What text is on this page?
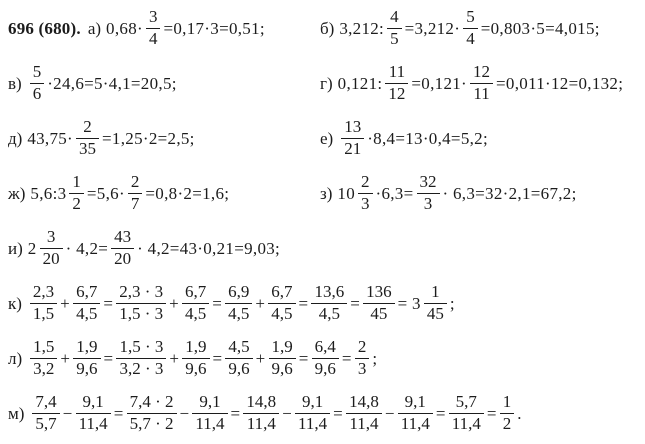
696 (680). а) $0,68\cdot \frac{3}{4} =0,17\cdot 3=0,51$;	б) 3,212: $\frac{4}{5} =3,212\cdot \frac{5}{4} =0,803\cdot 5=4,015$;
$в) \frac{5}{6} \cdot 24,6=5\cdot 4,1=20,5$;	г) 0,121: $\frac{11}{12} =0,121\cdot \frac{12}{11} =0,011\cdot 12=0,132$;
д) $43,75\cdot \frac{2}{35} =1,25\cdot 2=2,5$;	$е) \frac{13}{21} \cdot 8,4=13\cdot 0,4=5,2$;
ж) 5,6:3 $\frac{1}{2} =5,6\cdot \frac{2}{7} =0,8\cdot 2=1,6$;	з) $10 \frac{2}{3} \cdot 6,3= \frac{32}{3} \cdot 6,3=32\cdot 2,1=67,2$;
и) $2 \frac{3}{20} \cdot 4,2= \frac{43}{20} \cdot 4,2=43\cdot 0,21=9,03$;
$к) \frac{2,3}{1,5} + \frac{6,7}{4,5} = \frac{2,3 \cdot 3}{1,5 \cdot 3} + \frac{6,7}{4,5} = \frac{6,9}{4,5} + \frac{6,7}{4,5} = \frac{13,6}{4,5} = \frac{136}{45} = 3 \frac{1}{45}$ ;
$л) \frac{1,5}{3,2} + \frac{1,9}{9,6} = \frac{1,5 \cdot 3}{3,2 \cdot 3} + \frac{1,9}{9,6} = \frac{4,5}{9,6} + \frac{1,9}{9,6} = \frac{6,4}{9,6} = \frac{2}{3}$ ;
$м) \frac{7,4}{5,7} - \frac{9,1}{11,4} = \frac{7,4 \cdot 2}{5,7 \cdot 2} - \frac{9,1}{11,4} = \frac{14,8}{11,4} - \frac{9,1}{11,4} = \frac{14,8}{11,4} - \frac{9,1}{11,4} = \frac{5,7}{11,4} = \frac{1}{2}$ .
